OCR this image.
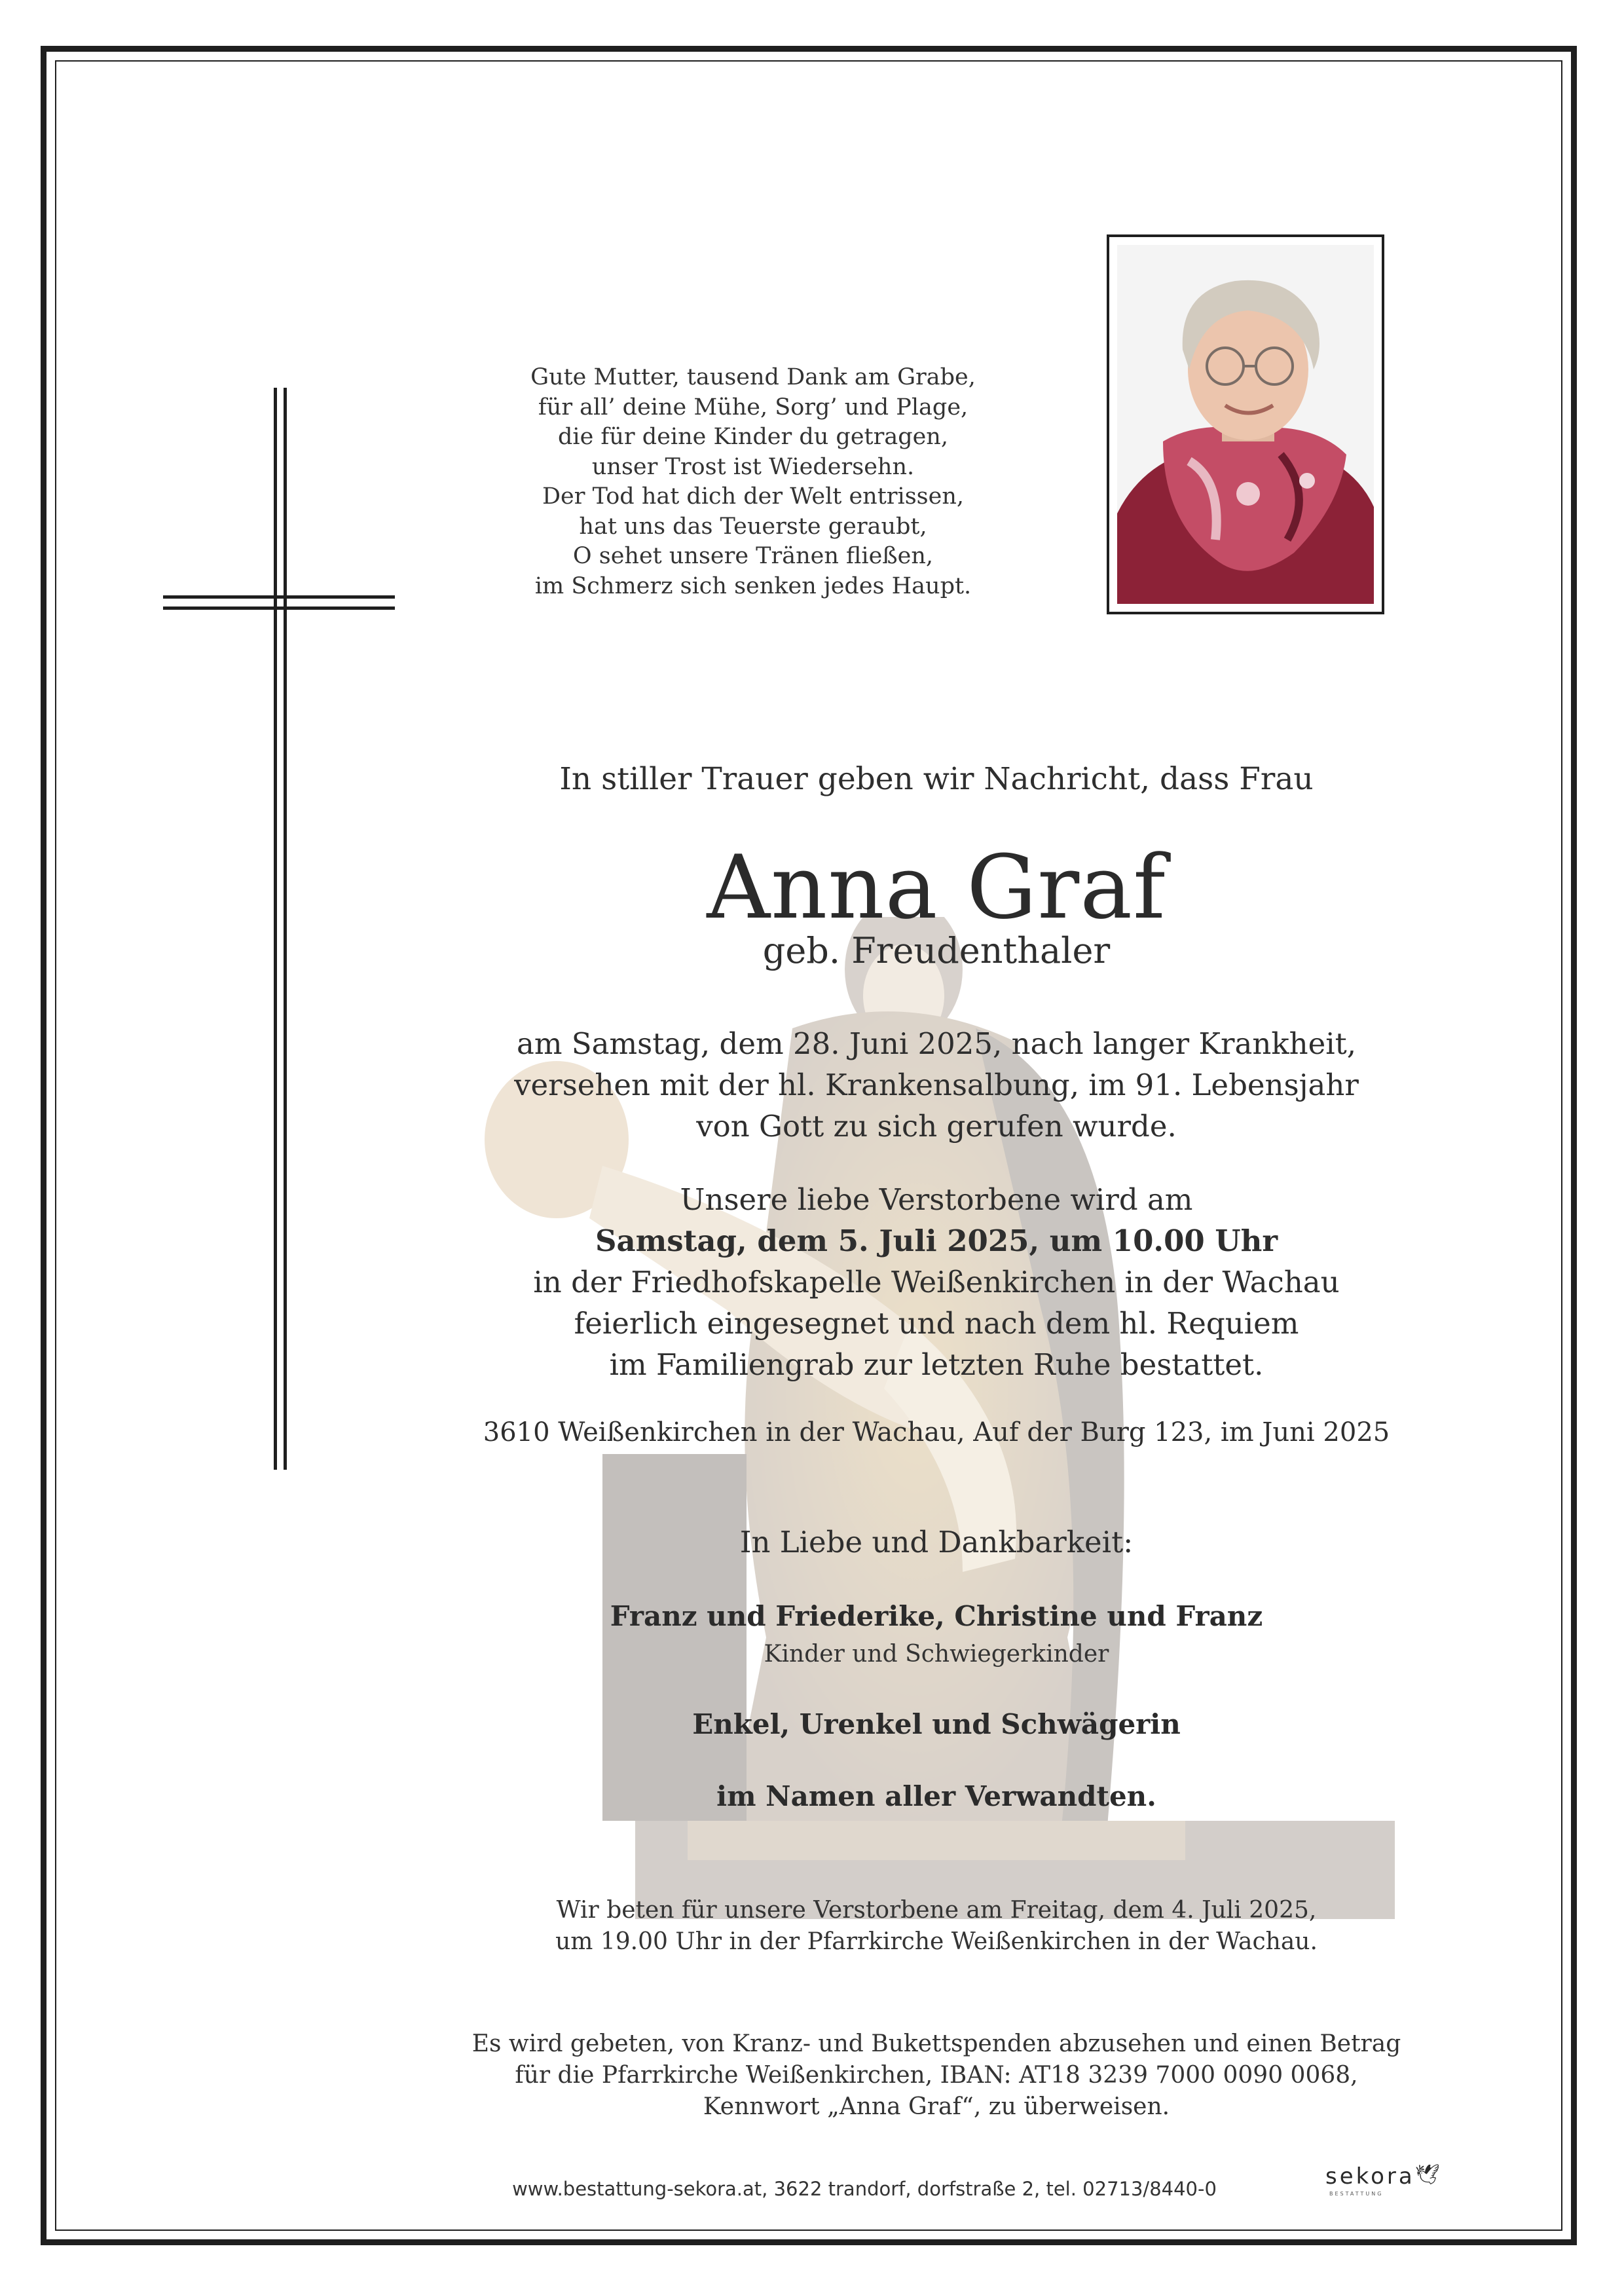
Gute Mutter, tausend Dank am Grabe,
für all’ deine Mühe, Sorg’ und Plage,
die für deine Kinder du getragen,
unser Trost ist Wiedersehn.
Der Tod hat dich der Welt entrissen,
hat uns das Teuerste geraubt,
O sehet unsere Tränen fließen,
im Schmerz sich senken jedes Haupt.
In stiller Trauer geben wir Nachricht, dass Frau
Anna Graf
geb. Freudenthaler
am Samstag, dem 28. Juni 2025, nach langer Krankheit,
versehen mit der hl. Krankensalbung, im 91. Lebensjahr
von Gott zu sich gerufen wurde.
Unsere liebe Verstorbene wird am
Samstag, dem 5. Juli 2025, um 10.00 Uhr
in der Friedhofskapelle Weißenkirchen in der Wachau
feierlich eingesegnet und nach dem hl. Requiem
im Familiengrab zur letzten Ruhe bestattet.
3610 Weißenkirchen in der Wachau, Auf der Burg 123, im Juni 2025
In Liebe und Dankbarkeit:
Franz und Friederike, Christine und Franz
Kinder und Schwiegerkinder
Enkel, Urenkel und Schwägerin
im Namen aller Verwandten.
Wir beten für unsere Verstorbene am Freitag, dem 4. Juli 2025,
um 19.00 Uhr in der Pfarrkirche Weißenkirchen in der Wachau.
Es wird gebeten, von Kranz- und Bukettspenden abzusehen und einen Betrag
für die Pfarrkirche Weißenkirchen, IBAN: AT18 3239 7000 0090 0068,
Kennwort „Anna Graf“, zu überweisen.
www.bestattung-sekora.at, 3622 trandorf, dorfstraße 2, tel. 02713/8440-0	sekora🕊
BESTATTUNG
